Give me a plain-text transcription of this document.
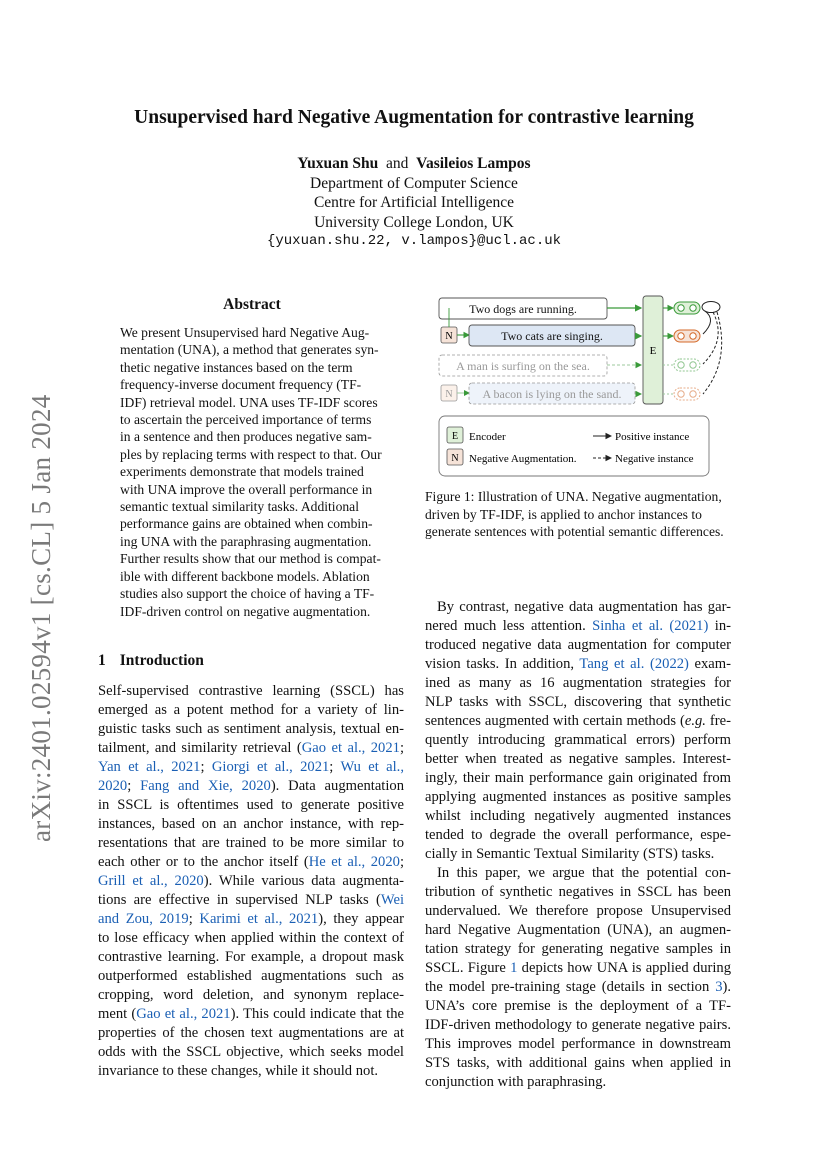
arXiv:2401.02594v1 [cs.CL] 5 Jan 2024
Unsupervised hard Negative Augmentation for contrastive learning
Yuxuan Shu and Vasileios Lampos
Department of Computer Science
Centre for Artificial Intelligence
University College London, UK
{yuxuan.shu.22, v.lampos}@ucl.ac.uk
Abstract
We present Unsupervised hard Negative Aug-
mentation (UNA), a method that generates syn-
thetic negative instances based on the term
frequency-inverse document frequency (TF-
IDF) retrieval model. UNA uses TF-IDF scores
to ascertain the perceived importance of terms
in a sentence and then produces negative sam-
ples by replacing terms with respect to that. Our
experiments demonstrate that models trained
with UNA improve the overall performance in
semantic textual similarity tasks. Additional
performance gains are obtained when combin-
ing UNA with the paraphrasing augmentation.
Further results show that our method is compat-
ible with different backbone models. Ablation
studies also support the choice of having a TF-
IDF-driven control on negative augmentation.
1 Introduction
Self-supervised contrastive learning (SSCL) has
emerged as a potent method for a variety of lin-
guistic tasks such as sentiment analysis, textual en-
tailment, and similarity retrieval (Gao et al., 2021;
Yan et al., 2021; Giorgi et al., 2021; Wu et al.,
2020; Fang and Xie, 2020). Data augmentation
in SSCL is oftentimes used to generate positive
instances, based on an anchor instance, with rep-
resentations that are trained to be more similar to
each other or to the anchor itself (He et al., 2020;
Grill et al., 2020). While various data augmenta-
tions are effective in supervised NLP tasks (Wei
and Zou, 2019; Karimi et al., 2021), they appear
to lose efficacy when applied within the context of
contrastive learning. For example, a dropout mask
outperformed established augmentations such as
cropping, word deletion, and synonym replace-
ment (Gao et al., 2021). This could indicate that the
properties of the chosen text augmentations are at
odds with the SSCL objective, which seeks model
invariance to these changes, while it should not.
Two dogs are running.
N	Two cats are singing.
A man is surfing on the sea.
N A bacon is lying on the sand.
E
E Encoder
N Negative Augmentation.
Positive instance
Negative instance
Figure 1: Illustration of UNA. Negative augmentation,
driven by TF-IDF, is applied to anchor instances to
generate sentences with potential semantic differences.
By contrast, negative data augmentation has gar-
nered much less attention. Sinha et al. (2021) in-
troduced negative data augmentation for computer
vision tasks. In addition, Tang et al. (2022) exam-
ined as many as 16 augmentation strategies for
NLP tasks with SSCL, discovering that synthetic
sentences augmented with certain methods (e.g. fre-
quently introducing grammatical errors) perform
better when treated as negative samples. Interest-
ingly, their main performance gain originated from
applying augmented instances as positive samples
whilst including negatively augmented instances
tended to degrade the overall performance, espe-
cially in Semantic Textual Similarity (STS) tasks.
In this paper, we argue that the potential con-
tribution of synthetic negatives in SSCL has been
undervalued. We therefore propose Unsupervised
hard Negative Augmentation (UNA), an augmen-
tation strategy for generating negative samples in
SSCL. Figure 1 depicts how UNA is applied during
the model pre-training stage (details in section 3).
UNA’s core premise is the deployment of a TF-
IDF-driven methodology to generate negative pairs.
This improves model performance in downstream
STS tasks, with additional gains when applied in
conjunction with paraphrasing.
